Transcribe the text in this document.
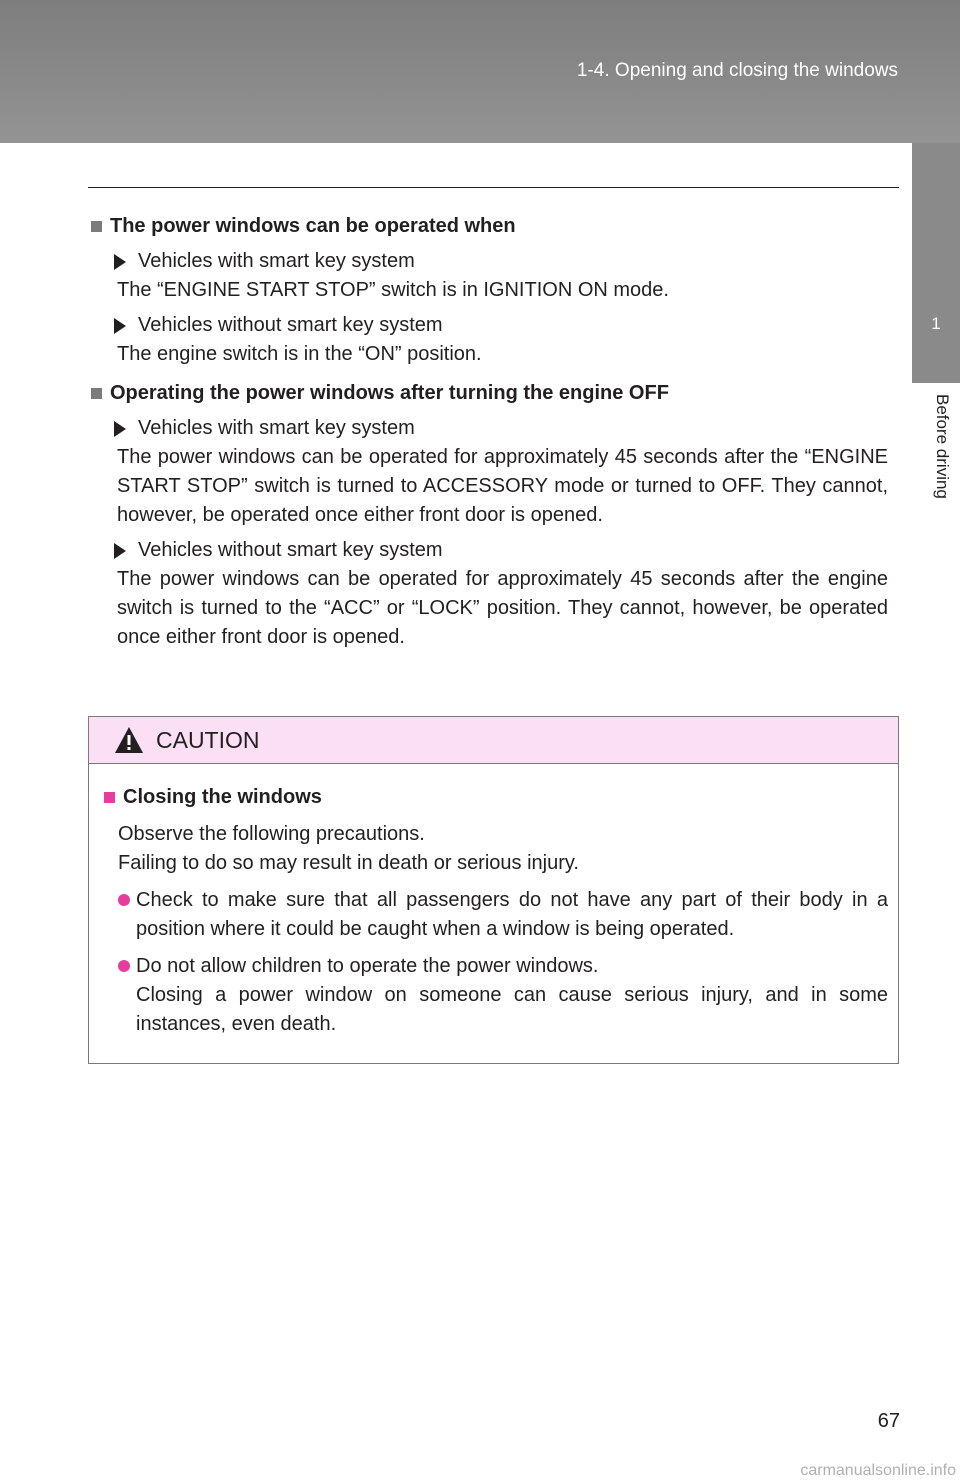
1-4. Opening and closing the windows
1
Before driving
The power windows can be operated when
Vehicles with smart key system
The “ENGINE START STOP” switch is in IGNITION ON mode.
Vehicles without smart key system
The engine switch is in the “ON” position.
Operating the power windows after turning the engine OFF
Vehicles with smart key system
The power windows can be operated for approximately 45 seconds after the “ENGINE START STOP” switch is turned to ACCESSORY mode or turned to OFF. They cannot, however, be operated once either front door is opened.
Vehicles without smart key system
The power windows can be operated for approximately 45 seconds after the engine switch is turned to the “ACC” or “LOCK” position. They cannot, however, be operated once either front door is opened.
CAUTION
Closing the windows
Observe the following precautions.
Failing to do so may result in death or serious injury.
Check to make sure that all passengers do not have any part of their body in a position where it could be caught when a window is being operated.
Do not allow children to operate the power windows.
Closing a power window on someone can cause serious injury, and in some instances, even death.
67
carmanualsonline.info
